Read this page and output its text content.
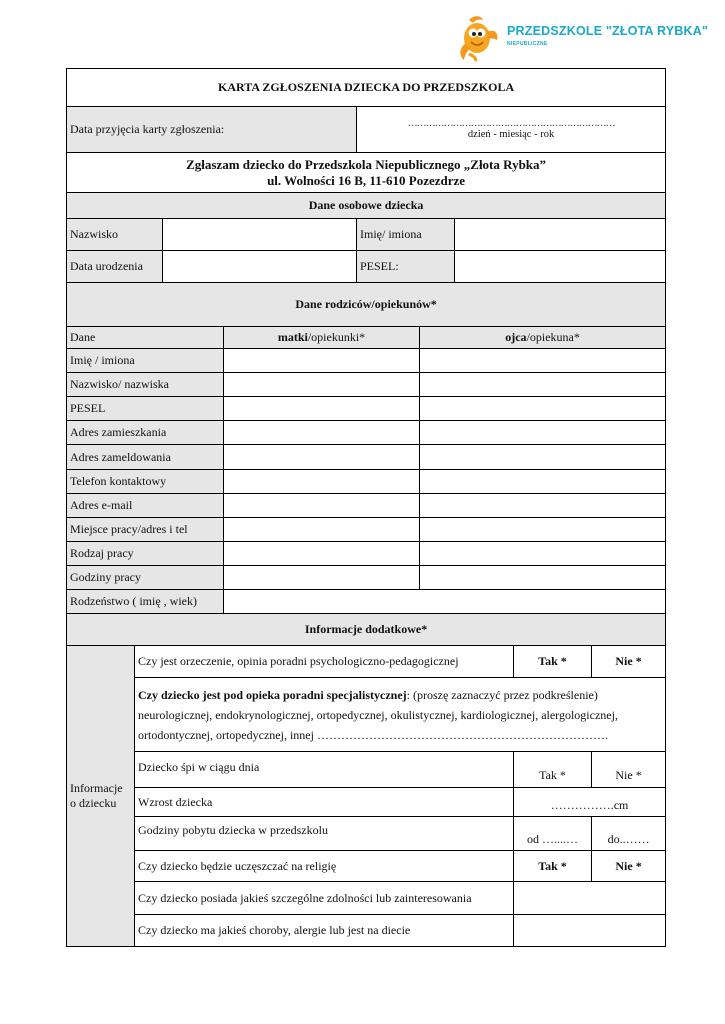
PRZEDSZKOLE "ZŁOTA RYBKA"
NIEPUBLICZNE
KARTA ZGŁOSZENIA DZIECKA DO PRZEDSZKOLA
Data przyjęcia karty zgłoszenia:	……………………………………………………………
dzień - miesiąc - rok

Zgłaszam dziecko do Przedszkola Niepublicznego „Złota Rybka”
ul. Wolności 16 B, 11-610 Pozezdrze

Dane osobowe dziecka
Nazwisko		Imię/ imiona	
Data urodzenia		PESEL:	

Dane rodziców/opiekunów*
Dane	matki/opiekunki*	ojca/opiekuna*
Imię / imiona		
Nazwisko/ nazwiska		
PESEL		
Adres zamieszkania		
Adres zameldowania		
Telefon kontaktowy		
Adres e-mail		
Miejsce pracy/adres i tel		
Rodzaj pracy		
Godziny pracy		
Rodzeństwo ( imię , wiek)	
Informacje dodatkowe*
Informacje o dziecku	Czy jest orzeczenie, opinia poradni psychologiczno-pedagogicznej	Tak *	Nie *
Czy dziecko jest pod opieka poradni specjalistycznej: (proszę zaznaczyć przez podkreślenie) neurologicznej, endokrynologicznej, ortopedycznej, okulistycznej, kardiologicznej, alergologicznej, ortodontycznej, ortopedycznej, innej ……………………………………………………………….
Dziecko śpi w ciągu dnia	Tak *	Nie *
Wzrost dziecka	…………….cm
Godziny pobytu dziecka w przedszkolu	od …....…	do..……
Czy dziecko będzie uczęszczać na religię	Tak *	Nie *
Czy dziecko posiada jakieś szczególne zdolności lub zainteresowania	
Czy dziecko ma jakieś choroby, alergie lub jest na diecie	
